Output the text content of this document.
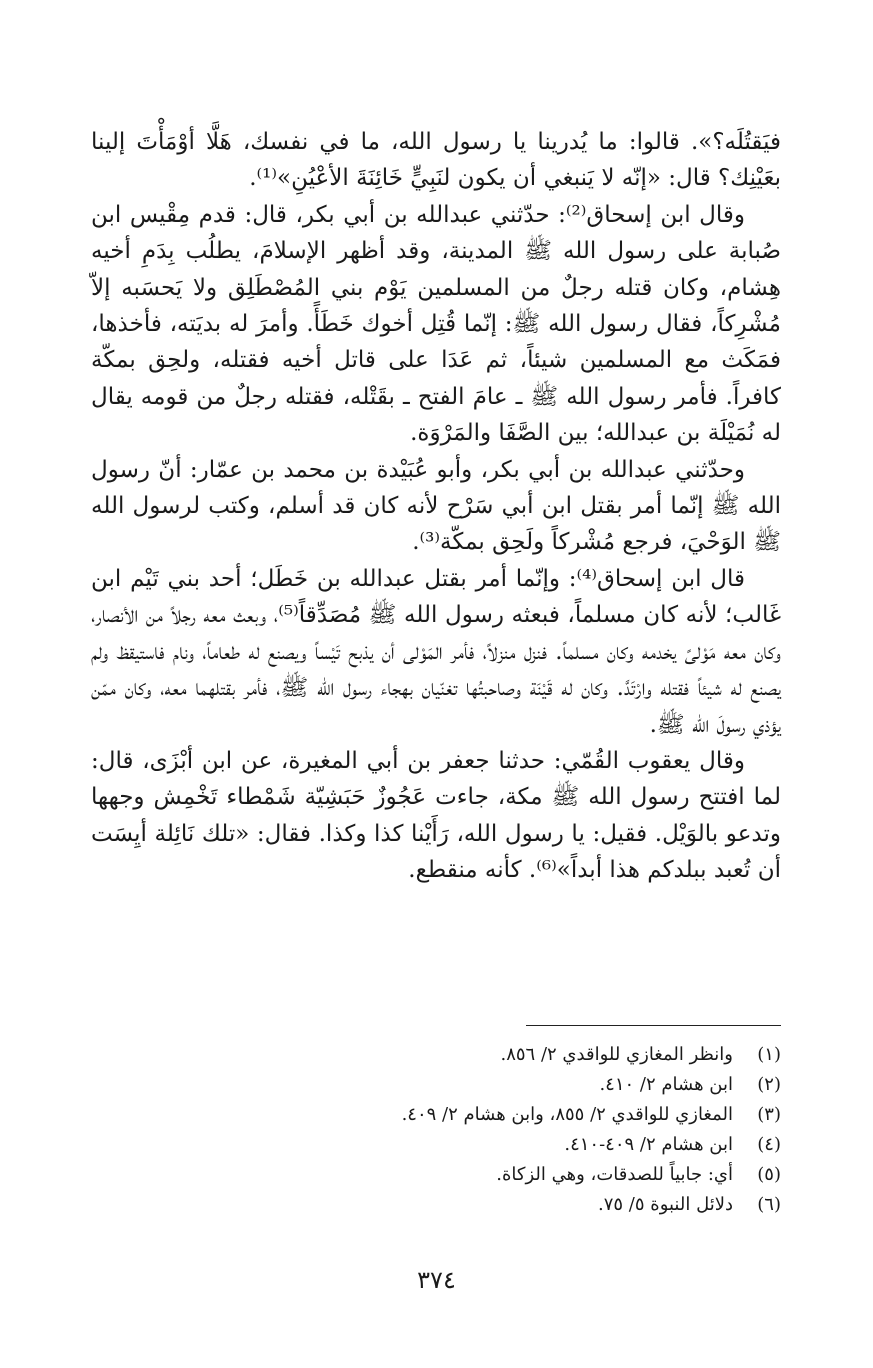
فيَقتُلَه؟». قالوا: ما يُدرينا يا رسول الله، ما في نفسك، هَلَّا أوْمَأْتَ إلينا بعَيْنِك؟ قال: «إنّه لا يَنبغي أن يكون لنَبِيٍّ خَائِنَةَ الأعْيُنِ»⁽¹⁾.

وقال ابن إسحاق⁽²⁾: حدّثني عبدالله بن أبي بكر، قال: قدم مِقْيس ابن صُبابة على رسول الله ﷺ المدينة، وقد أظهر الإسلامَ، يطلُب بِدَمِ أخيه هِشام، وكان قتله رجلٌ من المسلمين يَوْم بني المُصْطَلِق ولا يَحسَبه إلاّ مُشْرِكاً، فقال رسول الله ﷺ: إنّما قُتِل أخوك خَطَأً. وأمرَ له بديَته، فأخذها، فمَكَث مع المسلمين شيئاً، ثم عَدَا على قاتل أخيه فقتله، ولحِق بمكّة كافراً. فأمر رسول الله ﷺ ـ عامَ الفتح ـ بقَتْله، فقتله رجلٌ من قومه يقال له نُمَيْلَة بن عبدالله؛ بين الصَّفَا والمَرْوَة.

وحدّثني عبدالله بن أبي بكر، وأبو عُبَيْدة بن محمد بن عمّار: أنّ رسول الله ﷺ إنّما أمر بقتل ابن أبي سَرْح لأنه كان قد أسلم، وكتب لرسول الله ﷺ الوَحْيَ، فرجع مُشْركاً ولَحِق بمكّة⁽³⁾.

قال ابن إسحاق⁽⁴⁾: وإنّما أمر بقتل عبدالله بن خَطَل؛ أحد بني تَيْم ابن غَالب؛ لأنه كان مسلماً، فبعثه رسول الله ﷺ مُصَدِّقاً⁽⁵⁾، وبعث معه رجلاً من الأنصار، وكان معه مَوْلىً يخدمه وكان مسلماً. فنزل منزلاً، فأمر المَوْلى أن يذبح تَيْساً ويصنع له طعاماً، ونام فاستيقظ ولم يصنع له شيئاً فقتله وارْتَدَّ. وكان له قَيْنَة وصاحبتُها تغنّيان بهجاء رسول الله ﷺ، فأمر بقتلهما معه، وكان ممّن يؤذي رسولَ الله ﷺ.

وقال يعقوب القُمّي: حدثنا جعفر بن أبي المغيرة، عن ابن أبْزَى، قال: لما افتتح رسول الله ﷺ مكة، جاءت عَجُوزٌ حَبَشِيّة شَمْطاء تَخْمِش وجهها وتدعو بالوَيْل. فقيل: يا رسول الله، رَأَيْنا كذا وكذا. فقال: «تلك نَائِلة أيِسَت أن تُعبد ببلدكم هذا أبداً»⁽⁶⁾. كأنه منقطع.

(١)
وانظر المغازي للواقدي ٢/ ٨٥٦.
(٢)
ابن هشام ٢/ ٤١٠.
(٣)
المغازي للواقدي ٢/ ٨٥٥، وابن هشام ٢/ ٤٠٩.
(٤)
ابن هشام ٢/ ٤٠٩-٤١٠.
(٥)
أي: جابياً للصدقات، وهي الزكاة.
(٦)
دلائل النبوة ٥/ ٧٥.
٣٧٤
